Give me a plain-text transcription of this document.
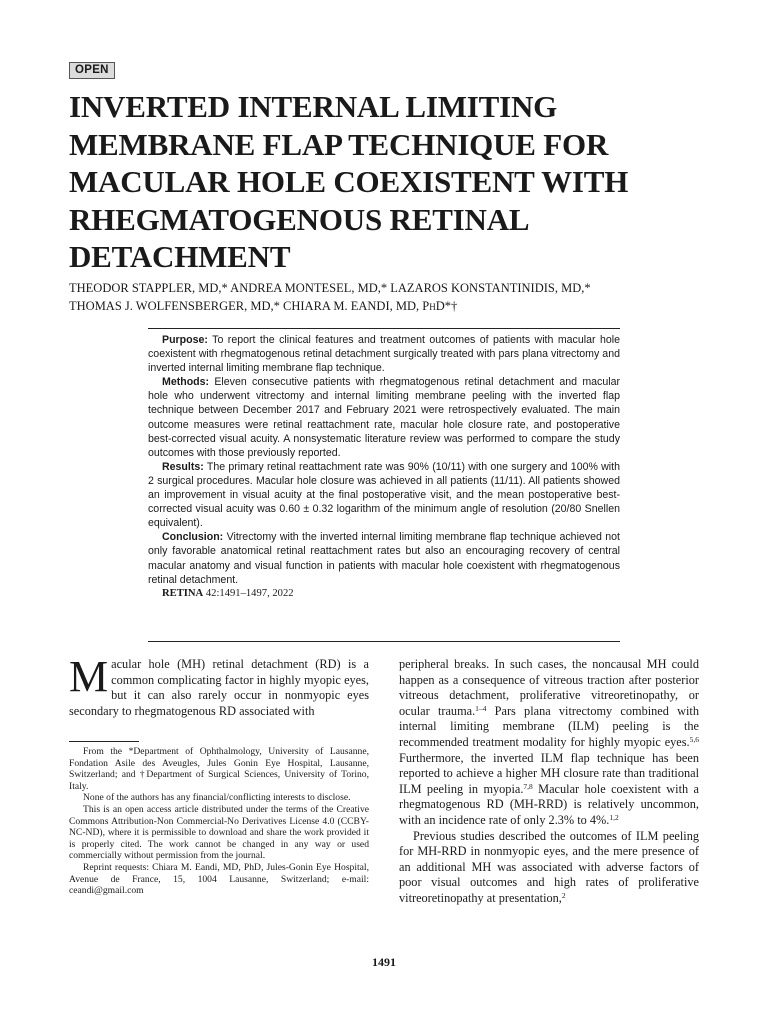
OPEN
INVERTED INTERNAL LIMITING
MEMBRANE FLAP TECHNIQUE FOR
MACULAR HOLE COEXISTENT WITH
RHEGMATOGENOUS RETINAL
DETACHMENT
THEODOR STAPPLER, MD,* ANDREA MONTESEL, MD,* LAZAROS KONSTANTINIDIS, MD,*
THOMAS J. WOLFENSBERGER, MD,* CHIARA M. EANDI, MD, PhD*†

Purpose: To report the clinical features and treatment outcomes of patients with macular hole coexistent with rhegmatogenous retinal detachment surgically treated with pars plana vitrectomy and inverted internal limiting membrane flap technique.

Methods: Eleven consecutive patients with rhegmatogenous retinal detachment and macular hole who underwent vitrectomy and internal limiting membrane peeling with the inverted flap technique between December 2017 and February 2021 were retrospectively evaluated. The main outcome measures were retinal reattachment rate, macular hole closure rate, and postoperative best-corrected visual acuity. A nonsystematic literature review was performed to compare the study outcomes with those previously reported.

Results: The primary retinal reattachment rate was 90% (10/11) with one surgery and 100% with 2 surgical procedures. Macular hole closure was achieved in all patients (11/11). All patients showed an improvement in visual acuity at the final postoperative visit, and the mean postoperative best-corrected visual acuity was 0.60 ± 0.32 logarithm of the minimum angle of resolution (20/80 Snellen equivalent).

Conclusion: Vitrectomy with the inverted internal limiting membrane flap technique achieved not only favorable anatomical retinal reattachment rates but also an encouraging recovery of central macular anatomy and visual function in patients with macular hole coexistent with rhegmatogenous retinal detachment.

RETINA 42:1491–1497, 2022

Macular hole (MH) retinal detachment (RD) is a common complicating factor in highly myopic eyes, but it can also rarely occur in nonmyopic eyes secondary to rhegmatogenous RD associated with

From the *Department of Ophthalmology, University of Lausanne, Fondation Asile des Aveugles, Jules Gonin Eye Hospital, Lausanne, Switzerland; and †Department of Surgical Sciences, University of Torino, Italy.

None of the authors has any financial/conflicting interests to disclose.

This is an open access article distributed under the terms of the Creative Commons Attribution-Non Commercial-No Derivatives License 4.0 (CCBY-NC-ND), where it is permissible to download and share the work provided it is properly cited. The work cannot be changed in any way or used commercially without permission from the journal.

Reprint requests: Chiara M. Eandi, MD, PhD, Jules-Gonin Eye Hospital, Avenue de France, 15, 1004 Lausanne, Switzerland; e-mail: ceandi@gmail.com

peripheral breaks. In such cases, the noncausal MH could happen as a consequence of vitreous traction after posterior vitreous detachment, proliferative vitreoretinopathy, or ocular trauma.$^{1-4}$ Pars plana vitrectomy combined with internal limiting membrane (ILM) peeling is the recommended treatment modality for highly myopic eyes.$^{5,6}$ Furthermore, the inverted ILM flap technique has been reported to achieve a higher MH closure rate than traditional ILM peeling in myopia.$^{7,8}$ Macular hole coexistent with a rhegmatogenous RD (MH-RRD) is relatively uncommon, with an incidence rate of only 2.3% to 4%.$^{1,2}$

Previous studies described the outcomes of ILM peeling for MH-RRD in nonmyopic eyes, and the mere presence of an additional MH was associated with adverse factors of poor visual outcomes and high rates of proliferative vitreoretinopathy at presentation,$^2$

1491
